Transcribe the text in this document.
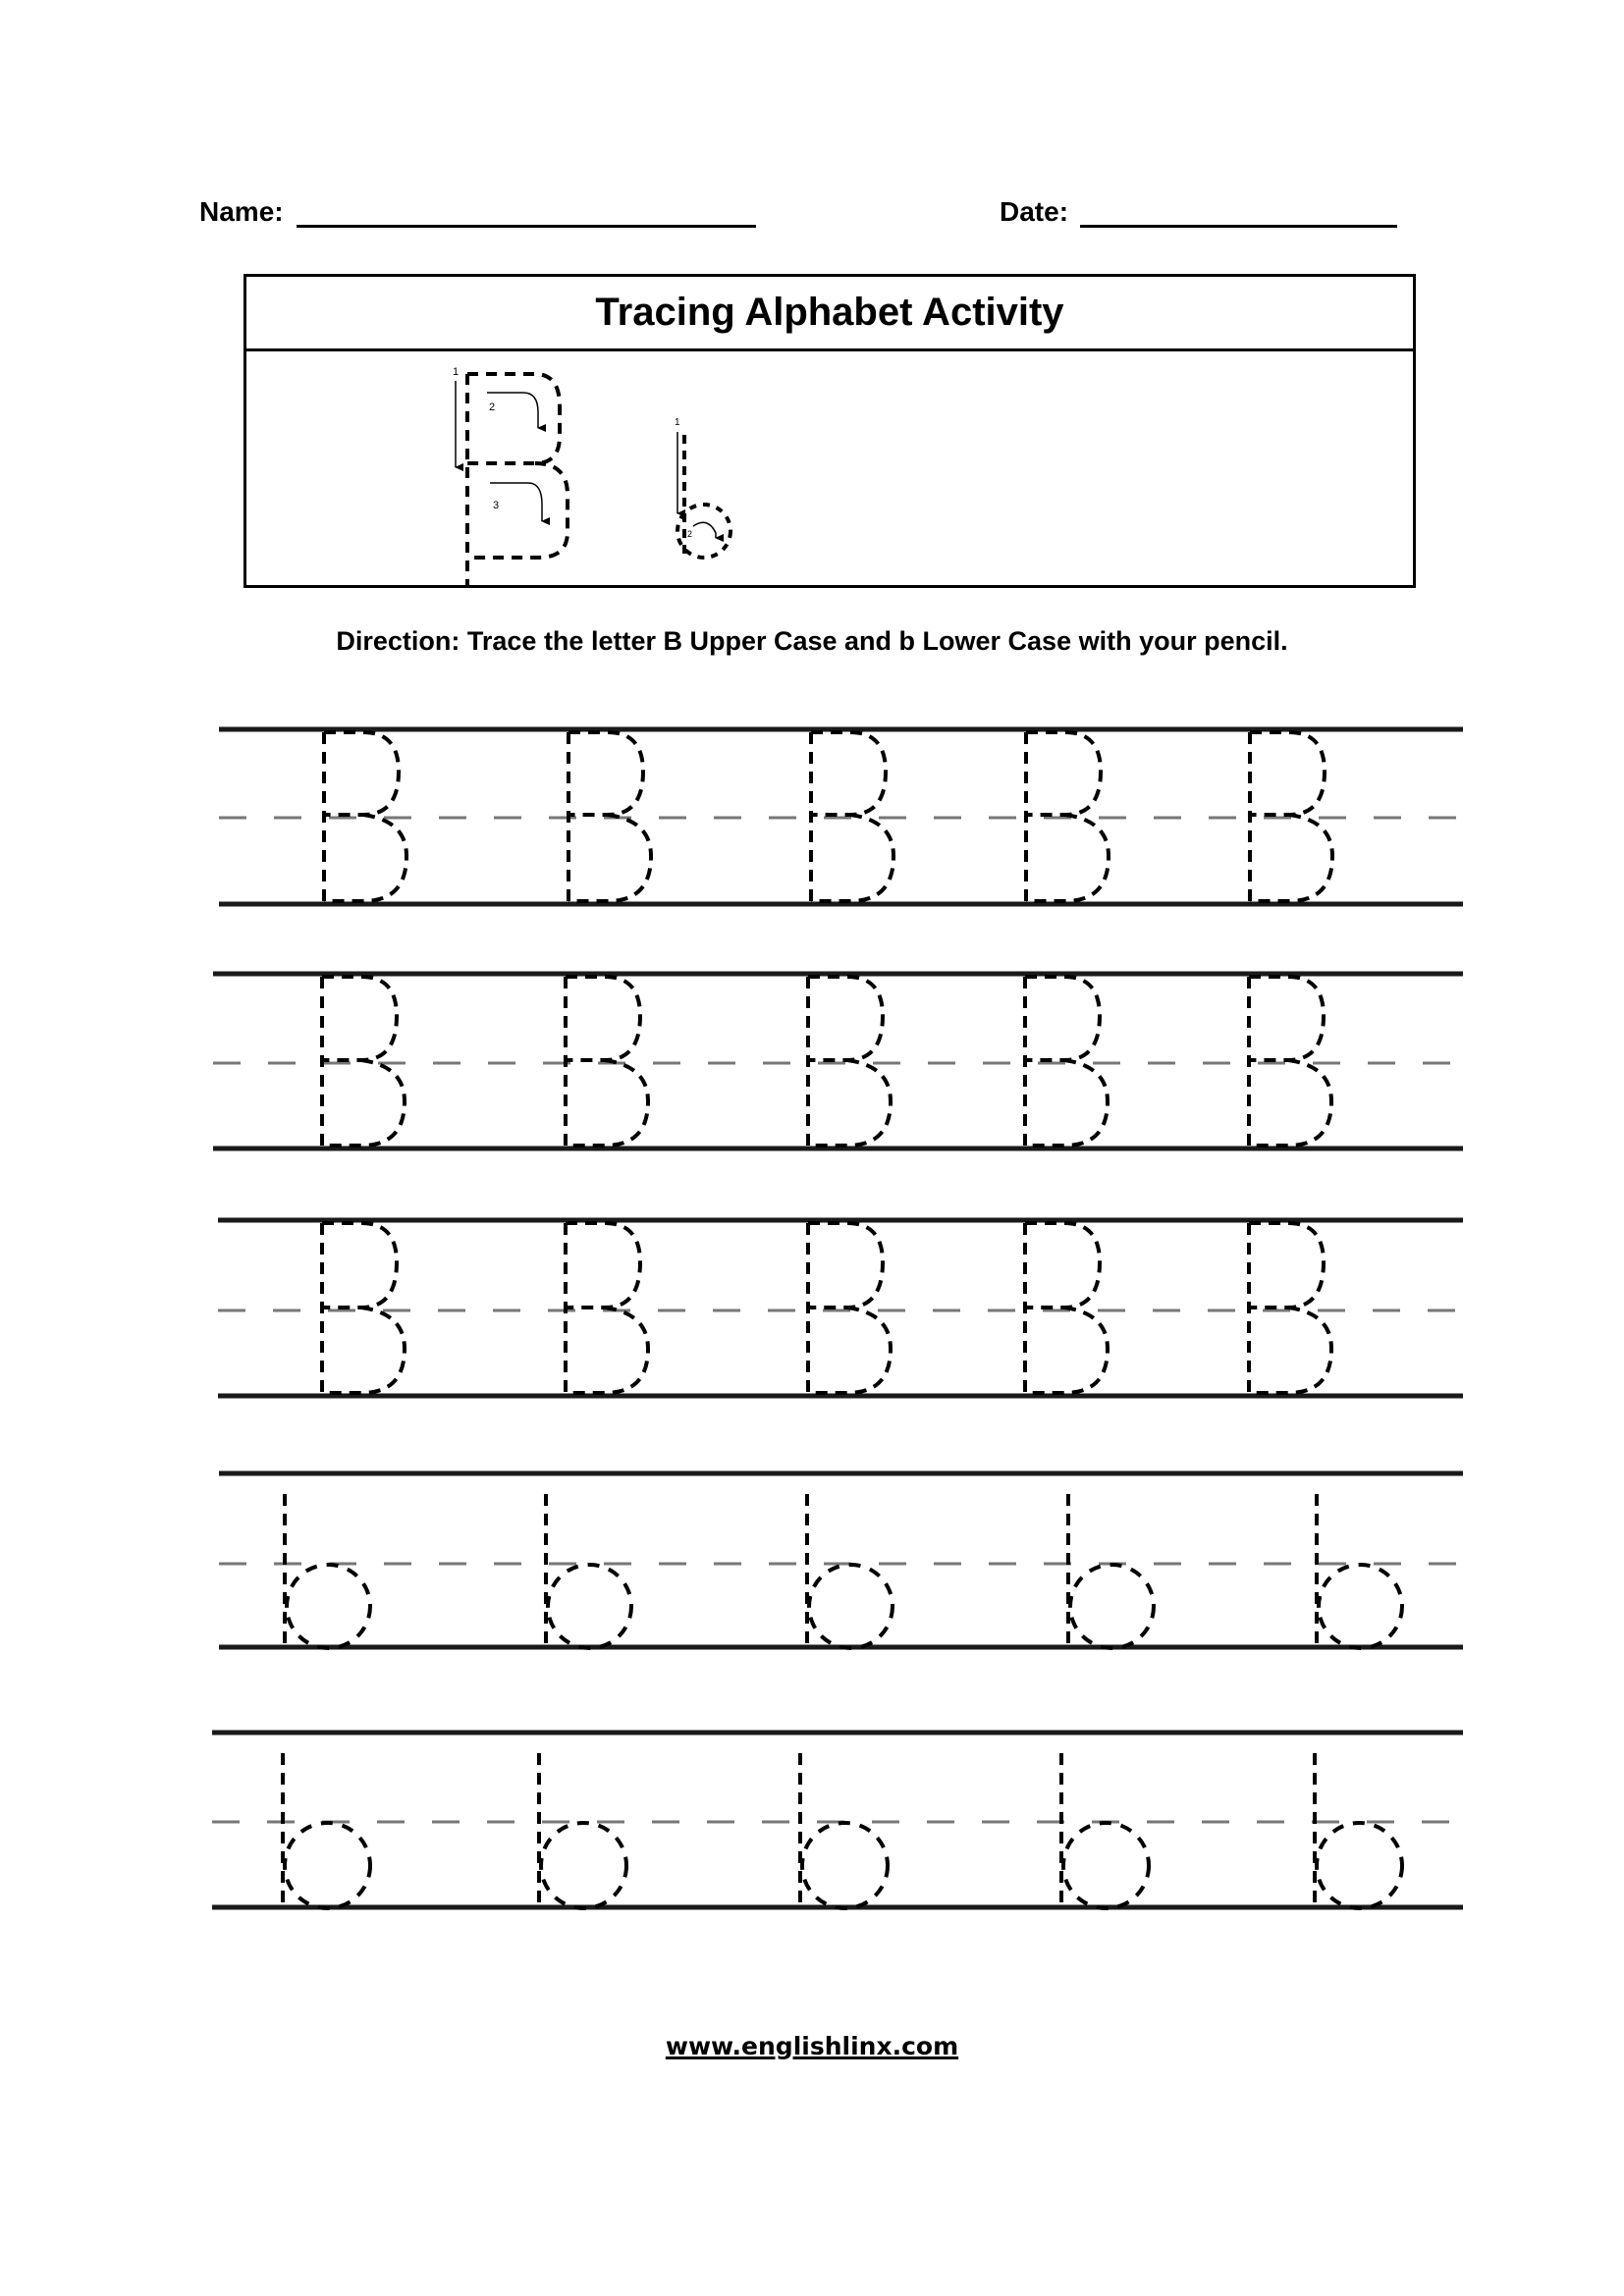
Name:	Date:
Tracing Alphabet Activity
1
2
3
1
2
Direction: Trace the letter B Upper Case and b Lower Case with your pencil.
www.englishlinx.com
